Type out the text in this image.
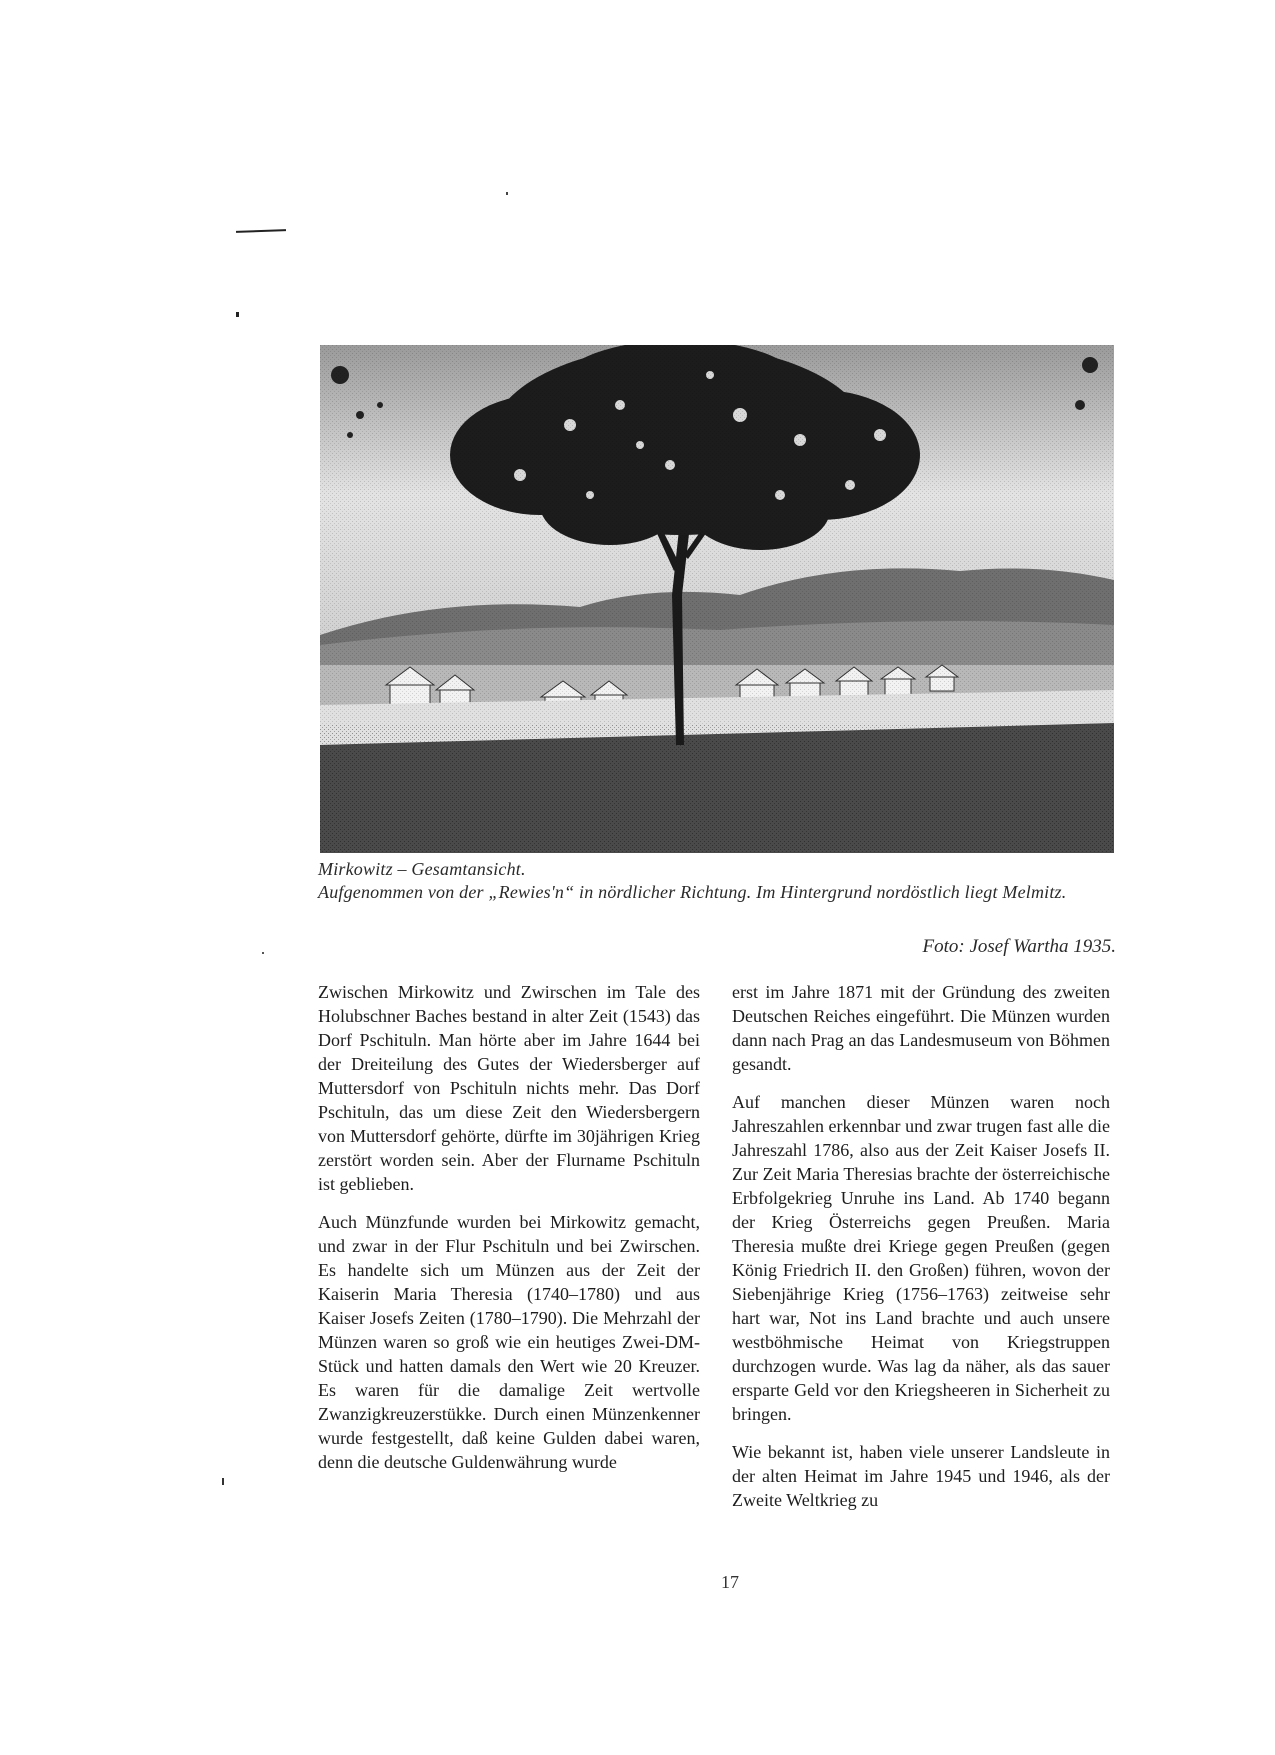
Mirkowitz – Gesamtansicht.

Aufgenommen von der „Rewies'n“ in nördlicher Richtung. Im Hintergrund nordöstlich liegt Melmitz.

Foto: Josef Wartha 1935.

Zwischen Mirkowitz und Zwirschen im Tale des Holubschner Baches bestand in alter Zeit (1543) das Dorf Pschituln. Man hörte aber im Jahre 1644 bei der Dreiteilung des Gutes der Wiedersberger auf Muttersdorf von Pschituln nichts mehr. Das Dorf Pschituln, das um diese Zeit den Wiedersbergern von Muttersdorf gehörte, dürfte im 30jährigen Krieg zerstört worden sein. Aber der Flurname Pschituln ist geblieben.

Auch Münzfunde wurden bei Mirkowitz gemacht, und zwar in der Flur Pschituln und bei Zwirschen. Es handelte sich um Münzen aus der Zeit der Kaiserin Maria Theresia (1740–1780) und aus Kaiser Josefs Zeiten (1780–1790). Die Mehrzahl der Münzen waren so groß wie ein heutiges Zwei-DM-Stück und hatten damals den Wert wie 20 Kreuzer. Es waren für die damalige Zeit wertvolle Zwanzigkreuzerstükke. Durch einen Münzenkenner wurde festgestellt, daß keine Gulden dabei waren, denn die deutsche Guldenwährung wurde

erst im Jahre 1871 mit der Gründung des zweiten Deutschen Reiches eingeführt. Die Münzen wurden dann nach Prag an das Landesmuseum von Böhmen gesandt.

Auf manchen dieser Münzen waren noch Jahreszahlen erkennbar und zwar trugen fast alle die Jahreszahl 1786, also aus der Zeit Kaiser Josefs II. Zur Zeit Maria Theresias brachte der österreichische Erbfolgekrieg Unruhe ins Land. Ab 1740 begann der Krieg Österreichs gegen Preußen. Maria Theresia mußte drei Kriege gegen Preußen (gegen König Friedrich II. den Großen) führen, wovon der Siebenjährige Krieg (1756–1763) zeitweise sehr hart war, Not ins Land brachte und auch unsere westböhmische Heimat von Kriegstruppen durchzogen wurde. Was lag da näher, als das sauer ersparte Geld vor den Kriegsheeren in Sicherheit zu bringen.

Wie bekannt ist, haben viele unserer Landsleute in der alten Heimat im Jahre 1945 und 1946, als der Zweite Weltkrieg zu

17
